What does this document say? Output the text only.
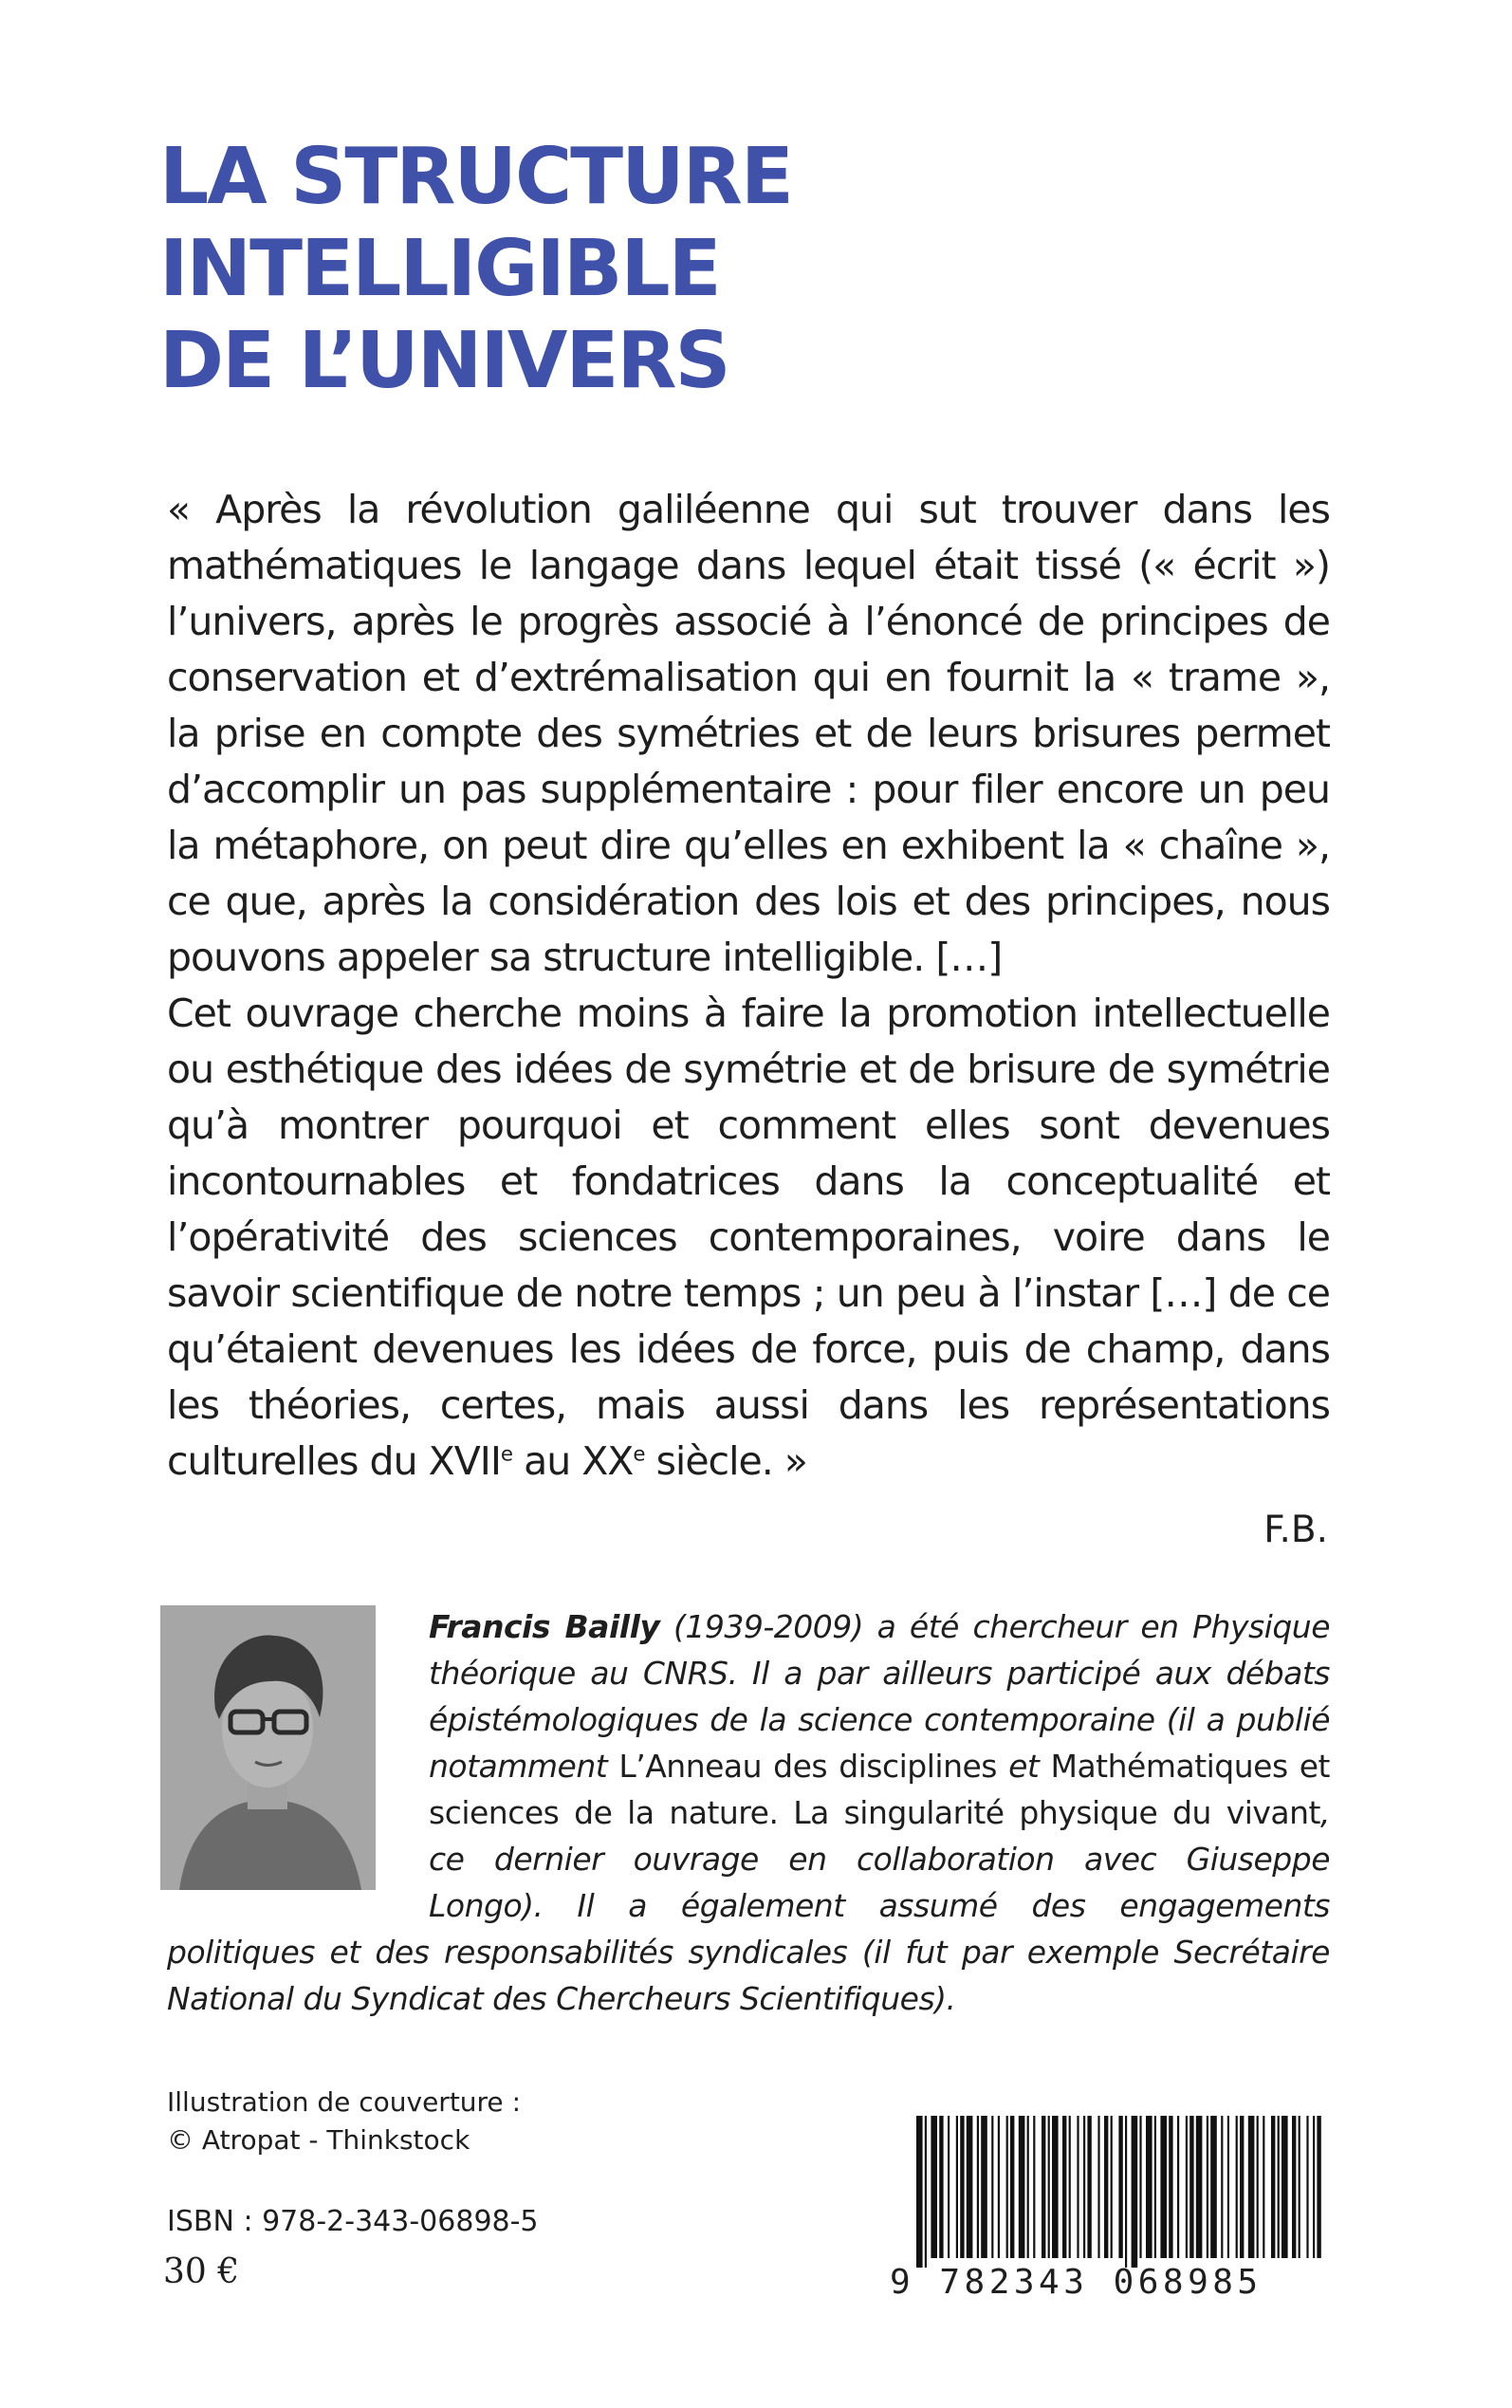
LA STRUCTURE
INTELLIGIBLE
DE L’UNIVERS

« Après la révolution galiléenne qui sut trouver dans les mathématiques le langage dans lequel était tissé (« écrit ») l’univers, après le progrès associé à l’énoncé de principes de conservation et d’extrémalisation qui en fournit la « trame », la prise en compte des symétries et de leurs brisures permet d’accomplir un pas supplémentaire : pour filer encore un peu la métaphore, on peut dire qu’elles en exhibent la « chaîne », ce que, après la considération des lois et des principes, nous pouvons appeler sa structure intelligible. […]

Cet ouvrage cherche moins à faire la promotion intellectuelle ou esthétique des idées de symétrie et de brisure de symétrie qu’à montrer pourquoi et comment elles sont devenues incontournables et fondatrices dans la conceptualité et l’opérativité des sciences contemporaines, voire dans le savoir scientifique de notre temps ; un peu à l’instar […] de ce qu’étaient devenues les idées de force, puis de champ, dans les théories, certes, mais aussi dans les représentations culturelles du XVIIe au XXe siècle. »

F.B.
Francis Bailly (1939-2009) a été chercheur en Physique théorique au CNRS. Il a par ailleurs participé aux débats épistémologiques de la science contemporaine (il a publié notamment L’Anneau des disciplines et Mathématiques et sciences de la nature. La singularité physique du vivant, ce dernier ouvrage en collaboration avec Giuseppe Longo). Il a également assumé des engagements politiques et des responsabilités syndicales (il fut par exemple Secrétaire National du Syndicat des Chercheurs Scientifiques).
Illustration de couverture :
© Atropat - Thinkstock
ISBN : 978-2-343-06898-5
30 €	9 782343 068985
